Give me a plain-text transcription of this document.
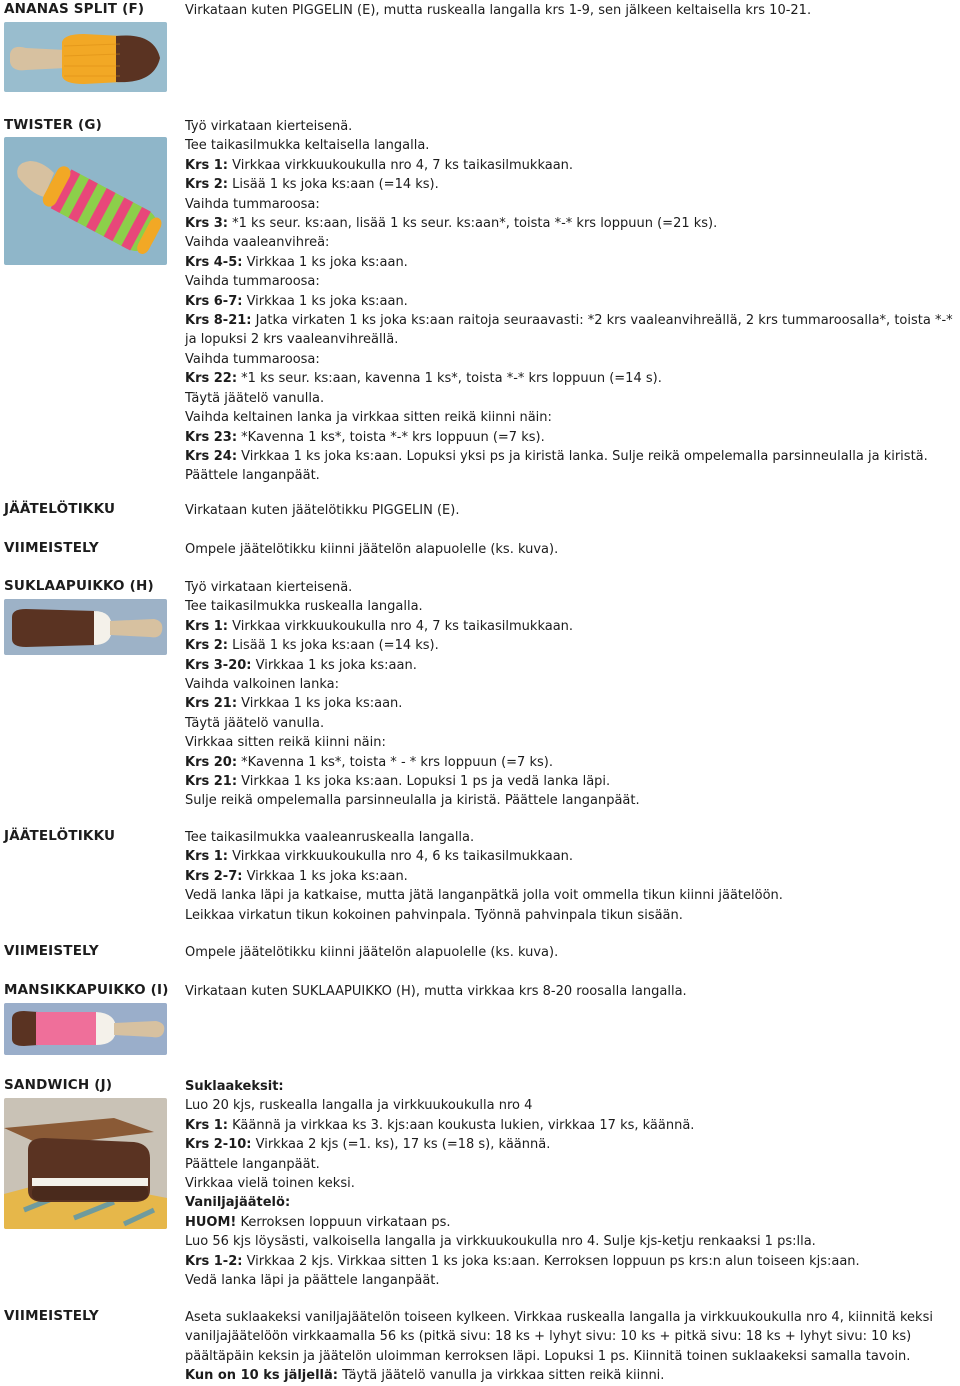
ANANAS SPLIT (F)	Virkataan kuten PIGGELIN (E), mutta ruskealla langalla krs 1-9, sen jälkeen keltaisella krs 10-21.
TWISTER (G)	Työ virkataan kierteisenä.
Tee taikasilmukka keltaisella langalla.
Krs 1: Virkkaa virkkuukoukulla nro 4, 7 ks taikasilmukkaan.
Krs 2: Lisää 1 ks joka ks:aan (=14 ks).
Vaihda tummaroosa:
Krs 3: *1 ks seur. ks:aan, lisää 1 ks seur. ks:aan*, toista *-* krs loppuun (=21 ks).
Vaihda vaaleanvihreä:
Krs 4-5: Virkkaa 1 ks joka ks:aan.
Vaihda tummaroosa:
Krs 6-7: Virkkaa 1 ks joka ks:aan.
Krs 8-21: Jatka virkaten 1 ks joka ks:aan raitoja seuraavasti: *2 krs vaaleanvihreällä, 2 krs tummaroosalla*, toista *-* ja lopuksi 2 krs vaaleanvihreällä.
Vaihda tummaroosa:
Krs 22: *1 ks seur. ks:aan, kavenna 1 ks*, toista *-* krs loppuun (=14 s).
Täytä jäätelö vanulla.
Vaihda keltainen lanka ja virkkaa sitten reikä kiinni näin:
Krs 23: *Kavenna 1 ks*, toista *-* krs loppuun (=7 ks).
Krs 24: Virkkaa 1 ks joka ks:aan. Lopuksi yksi ps ja kiristä lanka. Sulje reikä ompelemalla parsinneulalla ja kiristä. Päättele langanpäät.
JÄÄTELÖTIKKU	Virkataan kuten jäätelötikku PIGGELIN (E).
VIIMEISTELY	Ompele jäätelötikku kiinni jäätelön alapuolelle (ks. kuva).
SUKLAAPUIKKO (H) Työ virkataan kierteisenä.
Tee taikasilmukka ruskealla langalla.
Krs 1: Virkkaa virkkuukoukulla nro 4, 7 ks taikasilmukkaan.
Krs 2: Lisää 1 ks joka ks:aan (=14 ks).
Krs 3-20: Virkkaa 1 ks joka ks:aan.
Vaihda valkoinen lanka:
Krs 21: Virkkaa 1 ks joka ks:aan.
Täytä jäätelö vanulla.
Virkkaa sitten reikä kiinni näin:
Krs 20: *Kavenna 1 ks*, toista * - * krs loppuun (=7 ks).
Krs 21: Virkkaa 1 ks joka ks:aan. Lopuksi 1 ps ja vedä lanka läpi.
Sulje reikä ompelemalla parsinneulalla ja kiristä. Päättele langanpäät.
JÄÄTELÖTIKKU	Tee taikasilmukka vaaleanruskealla langalla.
Krs 1: Virkkaa virkkuukoukulla nro 4, 6 ks taikasilmukkaan.
Krs 2-7: Virkkaa 1 ks joka ks:aan.
Vedä lanka läpi ja katkaise, mutta jätä langanpätkä jolla voit ommella tikun kiinni jäätelöön.
Leikkaa virkatun tikun kokoinen pahvinpala. Työnnä pahvinpala tikun sisään.
VIIMEISTELY	Ompele jäätelötikku kiinni jäätelön alapuolelle (ks. kuva).
MANSIKKAPUIKKO (I) Virkataan kuten SUKLAAPUIKKO (H), mutta virkkaa krs 8-20 roosalla langalla.
SANDWICH (J)	Suklaakeksit:
Luo 20 kjs, ruskealla langalla ja virkkuukoukulla nro 4
Krs 1: Käännä ja virkkaa ks 3. kjs:aan koukusta lukien, virkkaa 17 ks, käännä.
Krs 2-10: Virkkaa 2 kjs (=1. ks), 17 ks (=18 s), käännä.
Päättele langanpäät.
Virkkaa vielä toinen keksi.
Vaniljajäätelö:
HUOM! Kerroksen loppuun virkataan ps.
Luo 56 kjs löysästi, valkoisella langalla ja virkkuukoukulla nro 4. Sulje kjs-ketju renkaaksi 1 ps:lla.
Krs 1-2: Virkkaa 2 kjs. Virkkaa sitten 1 ks joka ks:aan. Kerroksen loppuun ps krs:n alun toiseen kjs:aan.
Vedä lanka läpi ja päättele langanpäät.
VIIMEISTELY	Aseta suklaakeksi vaniljajäätelön toiseen kylkeen. Virkkaa ruskealla langalla ja virkkuukoukulla nro 4, kiinnitä keksi vaniljajäätelöön virkkaamalla 56 ks (pitkä sivu: 18 ks + lyhyt sivu: 10 ks + pitkä sivu: 18 ks + lyhyt sivu: 10 ks) päältäpäin keksin ja jäätelön uloimman kerroksen läpi. Lopuksi 1 ps. Kiinnitä toinen suklaakeksi samalla tavoin.
Kun on 10 ks jäljellä: Täytä jäätelö vanulla ja virkkaa sitten reikä kiinni.
